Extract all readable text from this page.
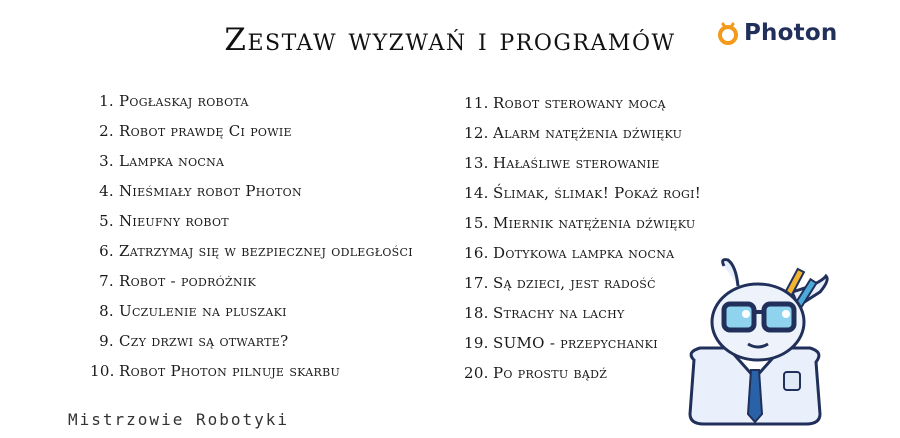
Zestaw wyzwań i programów	Photon
1. Pogłaskaj robota
2. Robot prawdę Ci powie
3. Lampka nocna
4. Nieśmiały robot Photon
5. Nieufny robot
6. Zatrzymaj się w bezpiecznej odległości
7. Robot - podróżnik
8. Uczulenie na pluszaki
9. Czy drzwi są otwarte?
10. Robot Photon pilnuje skarbu
11. Robot sterowany mocą
12. Alarm natężenia dźwięku
13. Hałaśliwe sterowanie
14. Ślimak, ślimak! Pokaż rogi!
15. Miernik natężenia dźwięku
16. Dotykowa lampka nocna
17. Są dzieci, jest radość
18. Strachy na lachy
19. SUMO - przepychanki
20. Po prostu bądź
Mistrzowie Robotyki
